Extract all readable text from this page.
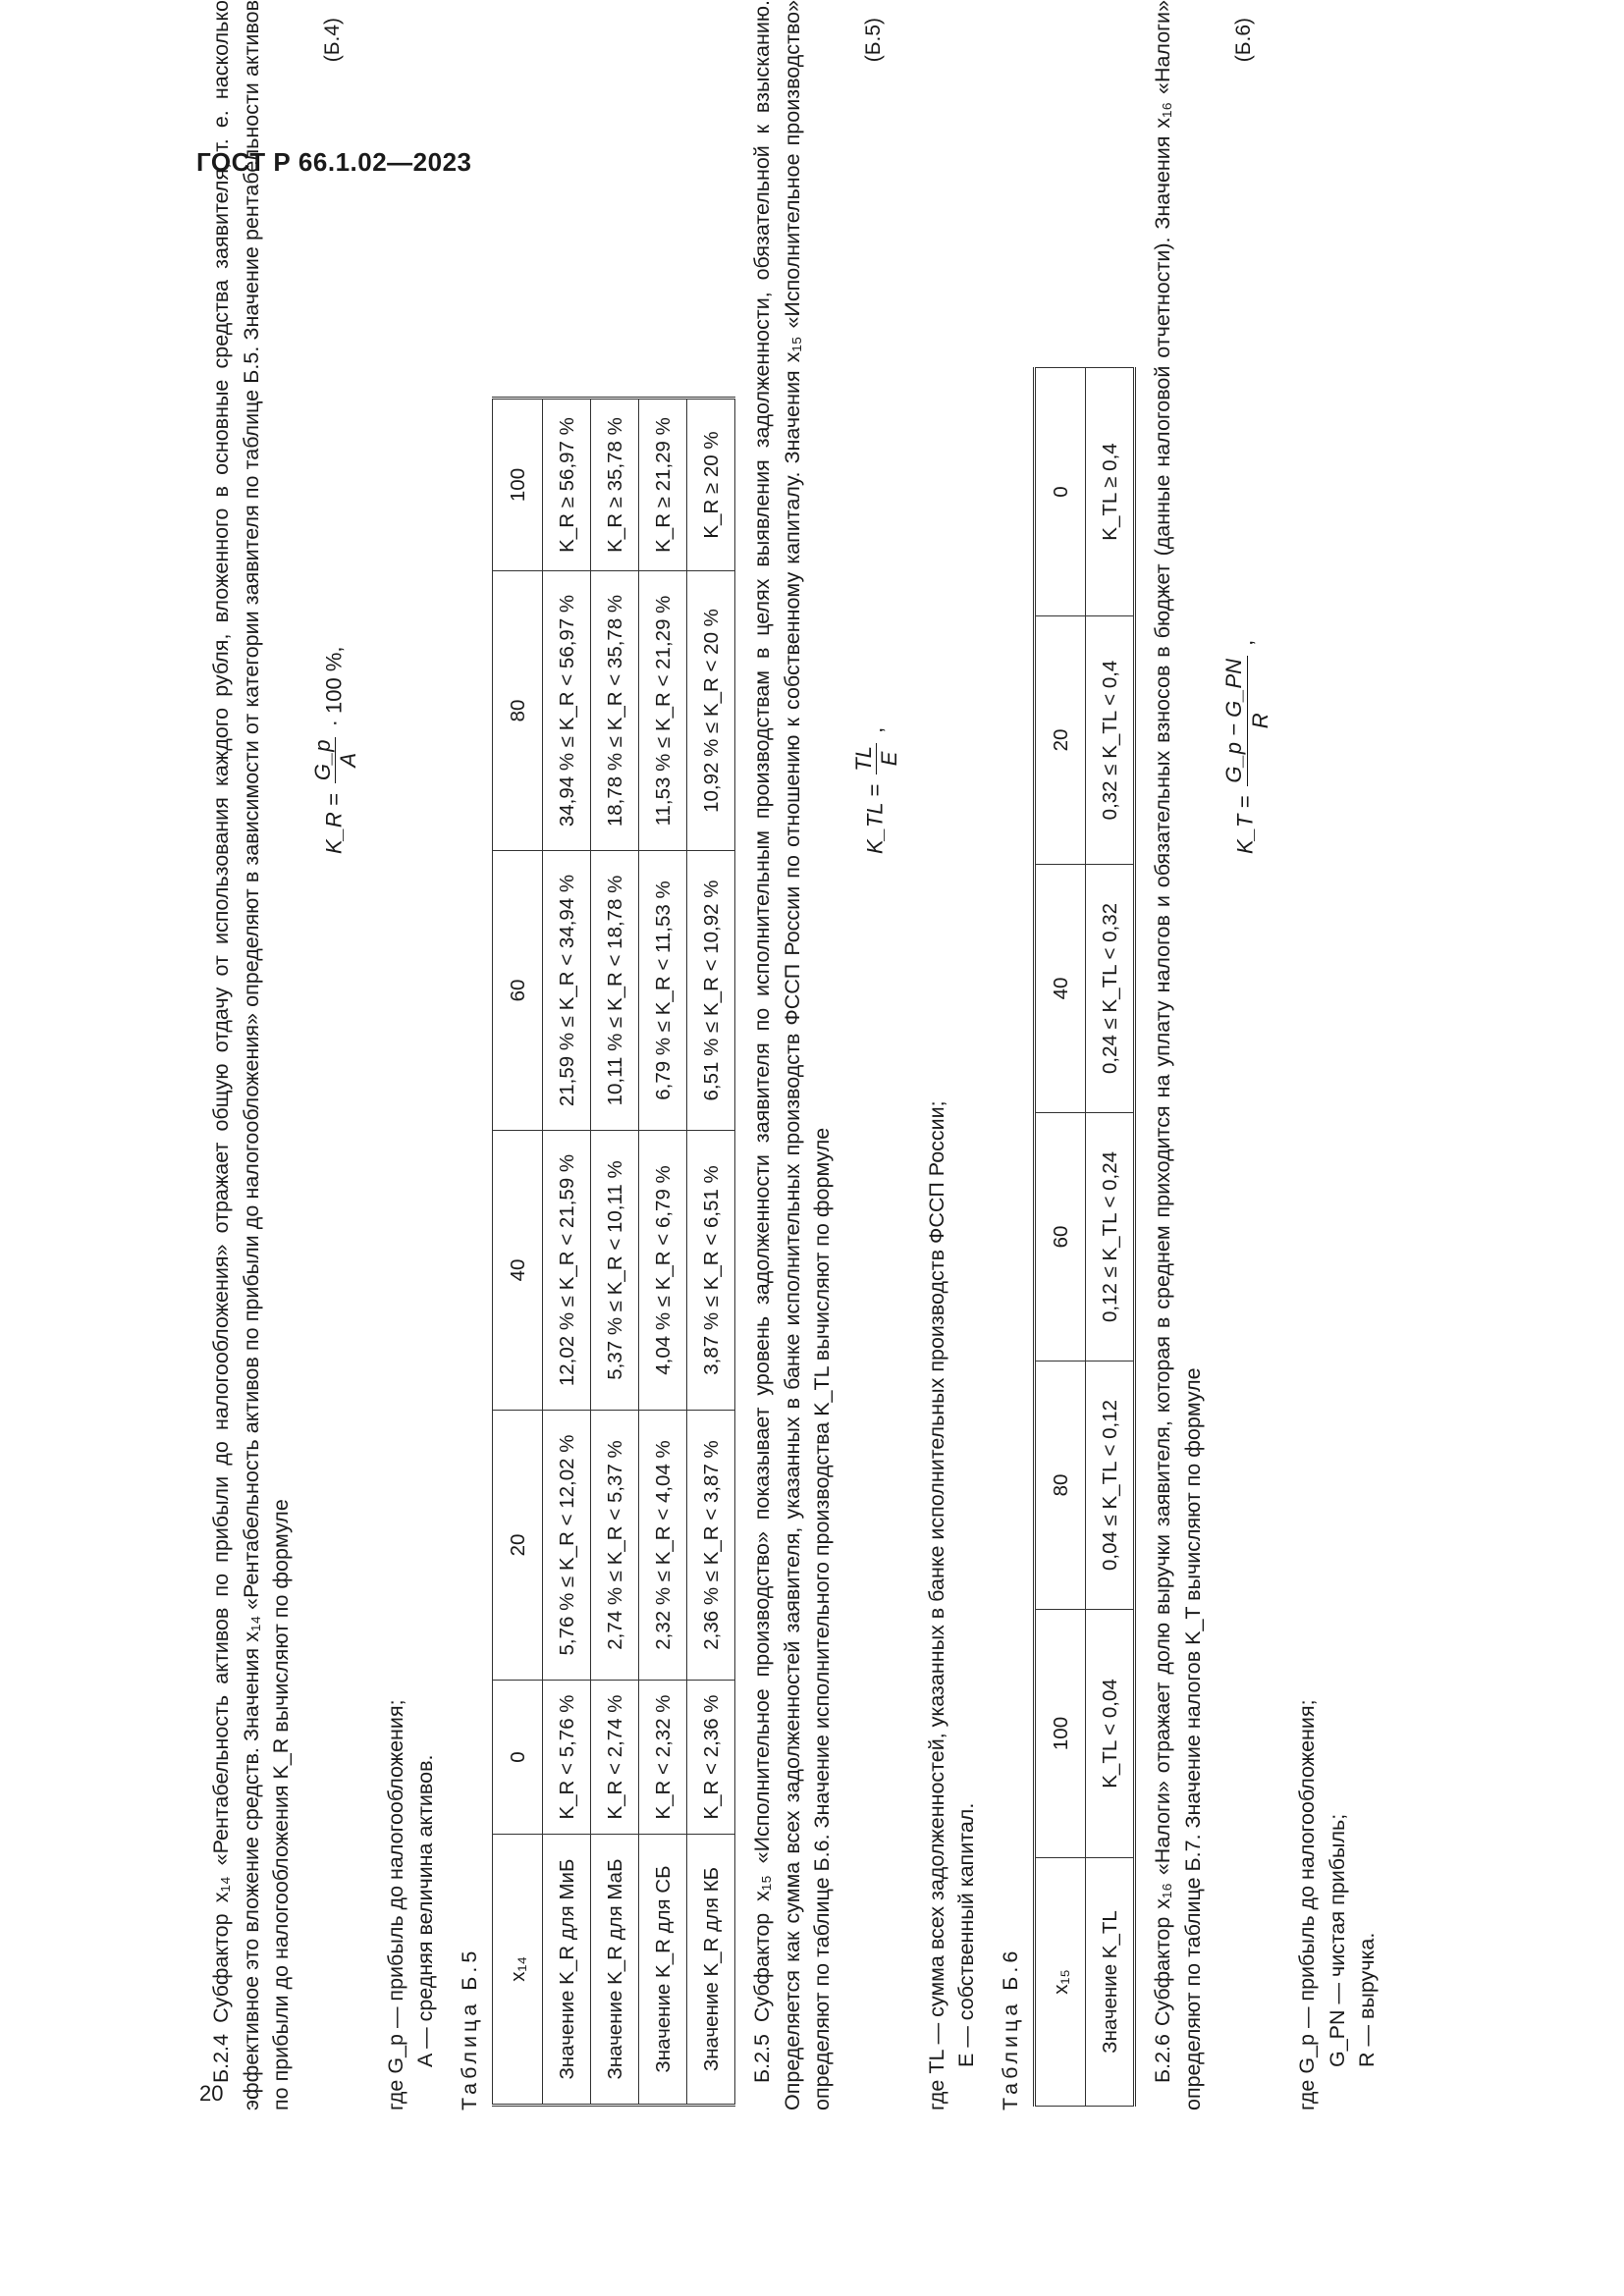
ГОСТ Р 66.1.02—2023
20

Б.2.4 Субфактор x₁₄ «Рентабельность активов по прибыли до налогообложения» отражает общую отдачу от использования каждого рубля, вложенного в основные средства заявителя, т. е. насколько эффективное это вложение средств. Значения x₁₄ «Рентабельность активов по прибыли до налогообложения» определяют в зависимости от категории заявителя по таблице Б.5. Значение рентабельности активов по прибыли до налогообложения K_R вычисляют по формуле

K_R =
G_p A
· 100 %,
(Б.4)
где G_p — прибыль до налогообложения; A — средняя величина активов. Таблица Б.5 x₁₄	0	20	40	60	80	100
Значение K_R для МиБ	K_R < 5,76 %	5,76 % ≤ K_R < 12,02 %	12,02 % ≤ K_R < 21,59 %	21,59 % ≤ K_R < 34,94 %	34,94 % ≤ K_R < 56,97 %	K_R ≥ 56,97 %
Значение K_R для МаБ	K_R < 2,74 %	2,74 % ≤ K_R < 5,37 %	5,37 % ≤ K_R < 10,11 %	10,11 % ≤ K_R < 18,78 %	18,78 % ≤ K_R < 35,78 %	K_R ≥ 35,78 %
Значение K_R для СБ	K_R < 2,32 %	2,32 % ≤ K_R < 4,04 %	4,04 % ≤ K_R < 6,79 %	6,79 % ≤ K_R < 11,53 %	11,53 % ≤ K_R < 21,29 %	K_R ≥ 21,29 %
Значение K_R для КБ	K_R < 2,36 %	2,36 % ≤ K_R < 3,87 %	3,87 % ≤ K_R < 6,51 %	6,51 % ≤ K_R < 10,92 %	10,92 % ≤ K_R < 20 %	K_R ≥ 20 % Б.2.5 Субфактор x₁₅ «Исполнительное производство» показывает уровень задолженности заявителя по исполнительным производствам в целях выявления задолженности, обязательной к взысканию. Определяется как сумма всех задолженностей заявителя, указанных в банке исполнительных производств ФССП России по отношению к собственному капиталу. Значения x₁₅ «Исполнительное производство» определяют по таблице Б.6. Значение исполнительного производства K_TL вычисляют по формуле

K_TL =
TL E
,
(Б.5)
где TL — сумма всех задолженностей, указанных в банке исполнительных производств ФССП России; E — собственный капитал. Таблица Б.6 x₁₅	100	80	60	40	20	0
Значение K_TL	K_TL < 0,04	0,04 ≤ K_TL < 0,12	0,12 ≤ K_TL < 0,24	0,24 ≤ K_TL < 0,32	0,32 ≤ K_TL < 0,4	K_TL ≥ 0,4 Б.2.6 Субфактор x₁₆ «Налоги» отражает долю выручки заявителя, которая в среднем приходится на уплату налогов и обязательных взносов в бюджет (данные налоговой отчетности). Значения x₁₆ «Налоги» определяют по таблице Б.7. Значение налогов K_T вычисляют по формуле

K_T =
G_p − G_PN R
,
(Б.6)
где G_p — прибыль до налогообложения; G_PN — чистая прибыль; R — выручка.
